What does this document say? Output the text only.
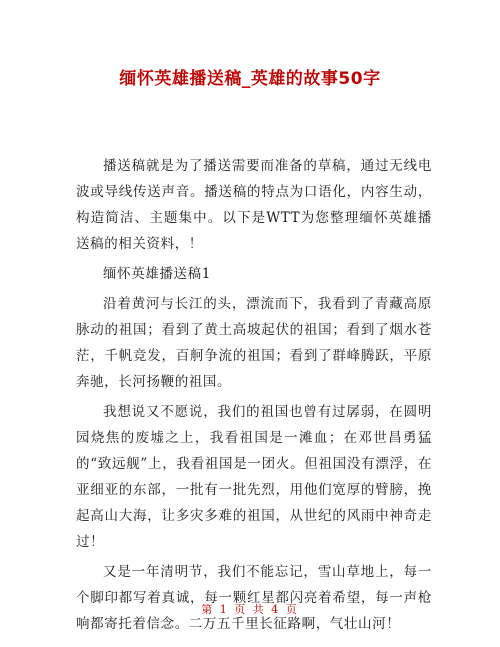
缅怀英雄播送稿_英雄的故事50字

播送稿就是为了播送需要而准备的草稿，通过无线电波或导线传送声音。播送稿的特点为口语化，内容生动，构造简洁、主题集中。以下是WTT为您整理缅怀英雄播送稿的相关资料，！

缅怀英雄播送稿1

沿着黄河与长江的头，漂流而下，我看到了青藏高原脉动的祖国；看到了黄土高坡起伏的祖国；看到了烟水苍茫，千帆竞发，百舸争流的祖国；看到了群峰腾跃，平原奔驰，长河扬鞭的祖国。

我想说又不愿说，我们的祖国也曾有过孱弱，在圆明园烧焦的废墟之上，我看祖国是一滩血；在邓世昌勇猛的“致远舰”上，我看祖国是一团火。但祖国没有漂浮，在亚细亚的东部，一批有一批先烈，用他们宽厚的臂膀，挽起高山大海，让多灾多难的祖国，从世纪的风雨中神奇走过！

又是一年清明节，我们不能忘记，雪山草地上，每一个脚印都写着真诚，每一颗红星都闪亮着希望，每一声枪响都寄托着信念。二万五千里长征路啊，气壮山河！

第 1 页 共 4 页
